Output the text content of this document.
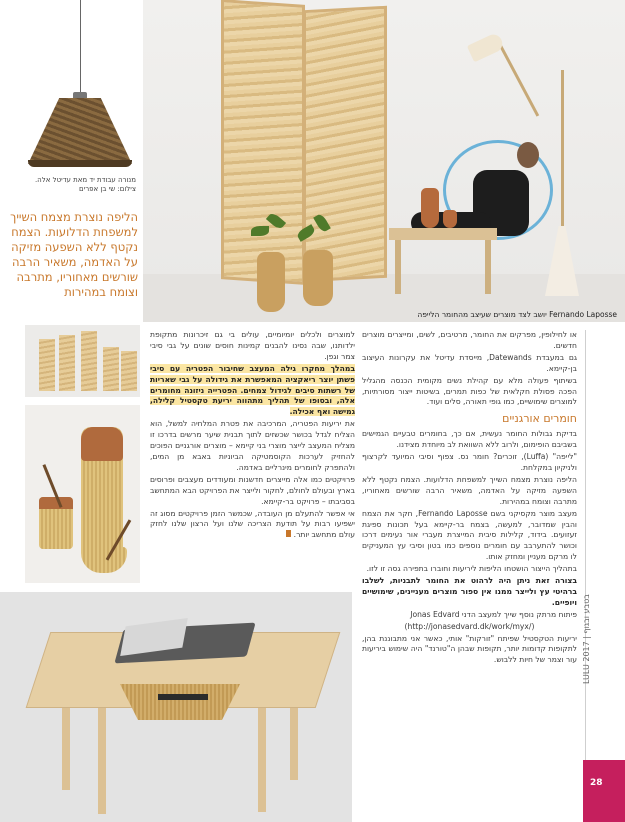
Fernando Laposse יושב לצד מוצרים שעיצב מהחומר הלייפה
מנורה עבודת יד מאת עדיטל אלה.
צילום: שי בן אפרים
הליפה נוצרת מצמח השייך למשפחת הדלועות. הצמח נקטף ללא השפעה מזיקה על האדמה, משאיר הרבה שורשים מאחוריו, מתרבה וצומח במהירות

למוצרים ולכלים יומיומיים, עולים בי גם זיכרונות מתקופת ילדותנו, שבה נסינו להבנים קמינות חוסים שונים על גבי סיבי צמר וגפן.

במהלך מחקרו גילה המעצב שחיבור הפטריה עם סיבי פשתן יוצר ריאקציה המאפשרת את גידולה על גבי שאריות של רשתות סיבים לגידול צמחים. הפטרייה ניזונה מחומרים אלה, ובסופו של תהליך מתהווה יריעת טקסטיל קלילה, גמישה ואף אכילה.

את יריעות הפטריה, המרכיבה את פטרת המלחיה למשל, הוא הצליח לגדל בכושר שכשזים לתוך תבנית שיער מרשים בדרכו זו מצליח המעצב לייצר מוצרי בני קיימא – מוצרים אורגניים הפוכים להחזיק לערכות הקוסמטיקה הביוניות באבא מן המים, ולהתפרק לחומרים מינרליים באדמה.

פרויקטים כמו אלה מייצרים חדשנות ומעודדים מעצבים ופרוסים בארץ ובעולם לחולם, לחקור ולייצר את הפרויקט הבא המתחשב בסביבתו – פרויקט בר-קיימא.

אי אפשר להתעלם מן העובדה, שכמשר הזמן פרויקטים מסוג זה ישפיעו רבות על תודעת הצריכה שלנו ועל הרצון שלנו לחזק עולם מתחשב יותר.

או לחילופין, מפרקים את החומר, מרטיבים, לשים, ומייצרים מוצרים חדשים.

גם במעבדת Datewands, מייסדת עדיטל את עקרונות העיצוב בן-קיימא.

בשיתוף פעולה מלא עם קהילת נשים מקומית הכנסה מהגליל הפכה פסולת חקלאית של כפות תמרים, בשיטות ייצור מסורתיות, למוצרים שימושיים, כמו גופי תאורה, סלים ועוד.

חומרים אורגניים

בדיקת גבולות החומר נעשית, אם כך, בחומרים טבעיים הגמישים בשביבם הופימום, ולרוב ללא השוואת לב מיוחדת מצידנו.

"לייפה" (Luffa), זוכרים? חומר נס. צפוף וסיבי המיועד לקרצוף ולניקיון במקלחת.

הליפה נוצרת מצמח השייך למשפחת הדלועות. הצמח נקטף ללא השפעה מזיקה על האדמה, משאיר הרבה שורשים מאחוריו, מתרבה וצומח במהירות.

מעצב מוצר מקסיקני בשם Fernando Laposse, חקר את הצמח והבין שמדובר, למעשה, בצמח בר-קיימא בעל תכונות ספיגת זעזועים. בידוד, קלילות סיבית המייצרת מעברי אור נעימים דרכו וכושר להתערבב עם חומרים נוספים כמו בטון וסיבי עץ המעניקים לו מרקם מעניין ומחזק אותו.

בתהליך הייצור הושטחו הליפות ליריעות וחוברו בתפירה גסה זו לזו.

בצורה זאת ניתן היה לרהוט את החומר לתבניות, לשלבו ברהיטי עץ ולייצר ממנו אין ספור מוצרים מעניינים, שימושיים ויופיים.

פיתוח מרתק נוסף שייך למעצב הדני Jonas Edvard

(http://jonasedvard.dk/work/myx/)

יריעות הטקסטיל שפיתח "זורקות" אותי, כאשר אני מתבוננת בהן, לתקופות קדומות יותר, תקופות שבהן ה"טורנד" היה שימוש ביריעות עור וצמר של חיות ללבוש. LULU 2017 | בטבע ובגוף
28
